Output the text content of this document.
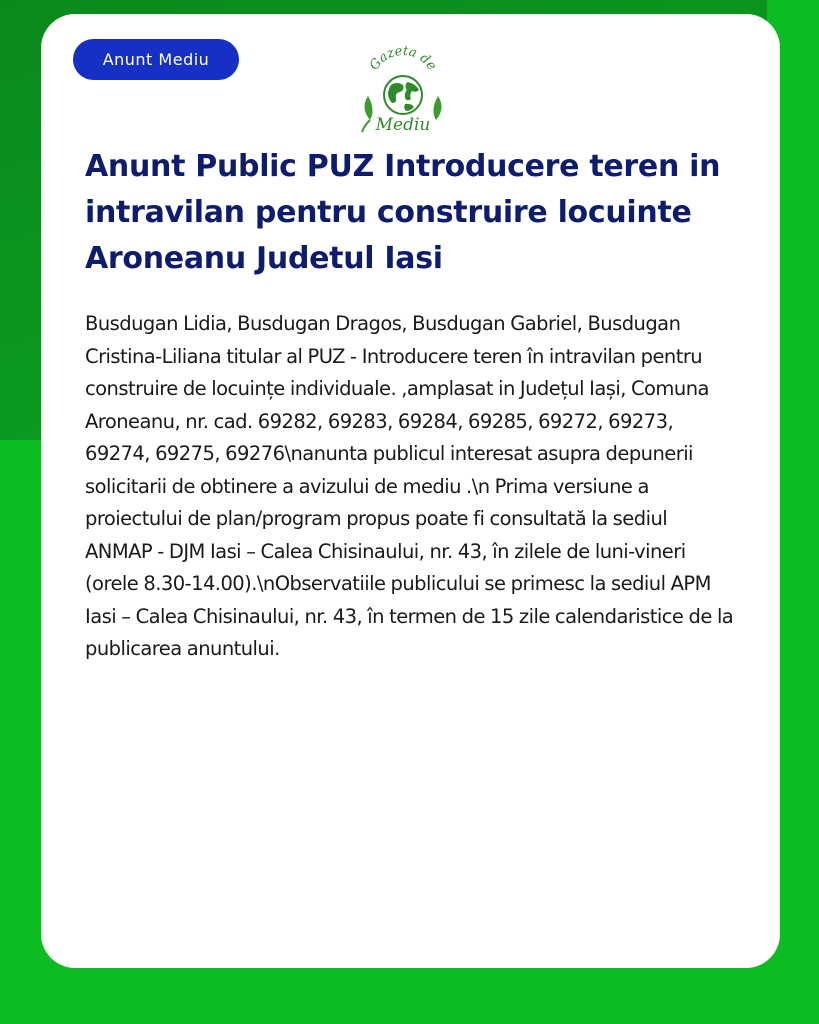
Anunt Mediu	Gazeta de
Mediu
Anunt Public PUZ Introducere teren in intravilan pentru construire locuinte Aroneanu Judetul Iasi

Busdugan Lidia, Busdugan Dragos, Busdugan Gabriel, Busdugan Cristina-Liliana titular al PUZ - Introducere teren în intravilan pentru construire de locuințe individuale. ,amplasat in Județul Iași, Comuna Aroneanu, nr. cad. 69282, 69283, 69284, 69285, 69272, 69273, 69274, 69275, 69276\nanunta publicul interesat asupra depunerii solicitarii de obtinere a avizului de mediu .\n Prima versiune a proiectului de plan/program propus poate fi consultată la sediul ANMAP - DJM Iasi – Calea Chisinaului, nr. 43, în zilele de luni-vineri (orele 8.30-14.00).\nObservatiile publicului se primesc la sediul APM Iasi – Calea Chisinaului, nr. 43, în termen de 15 zile calendaristice de la publicarea anuntului.
